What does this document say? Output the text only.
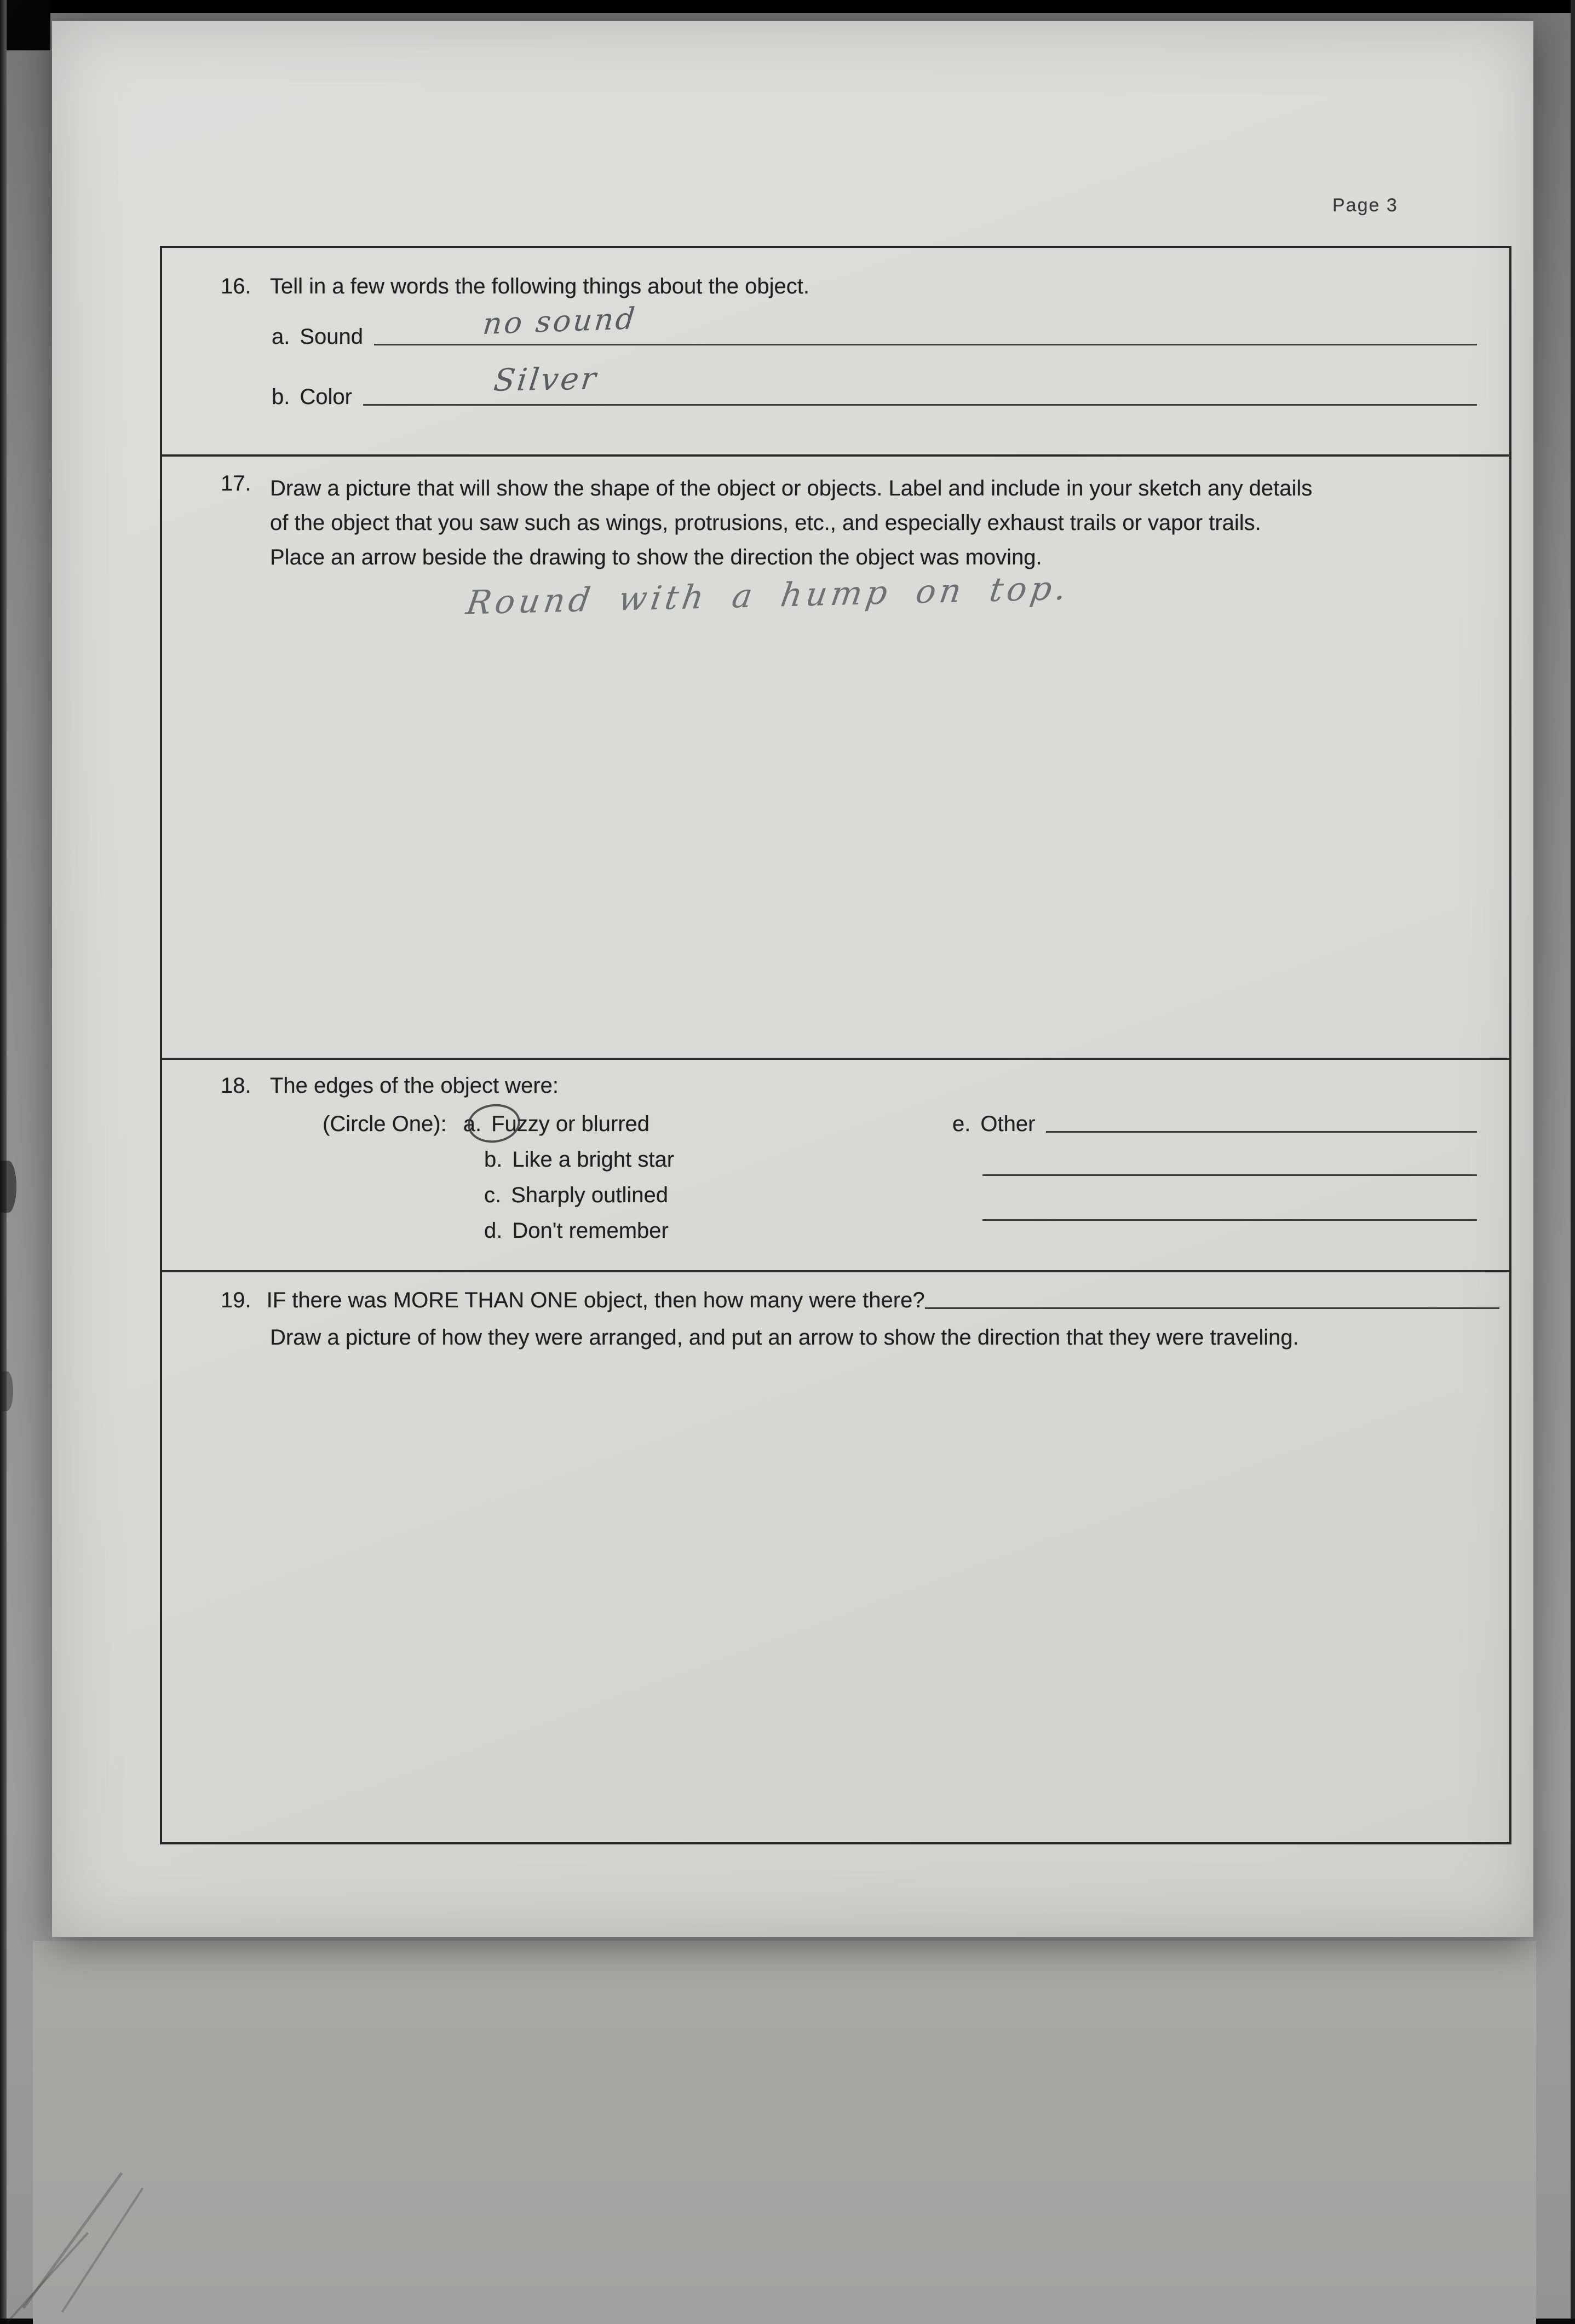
Page 3
16. Tell in a few words the following things about the object.
a. Sound	no sound
b. Color	Silver
17. Draw a picture that will show the shape of the object or objects. Label and include in your sketch any details
of the object that you saw such as wings, protrusions, etc., and especially exhaust trails or vapor trails.
Place an arrow beside the drawing to show the direction the object was moving.
Round with a hump on top.
18. The edges of the object were:
(Circle One): a. Fuzzy or blurred
b. Like a bright star
c. Sharply outlined
d. Don't remember
e. Other
19. IF there was MORE THAN ONE object, then how many were there?
Draw a picture of how they were arranged, and put an arrow to show the direction that they were traveling.
